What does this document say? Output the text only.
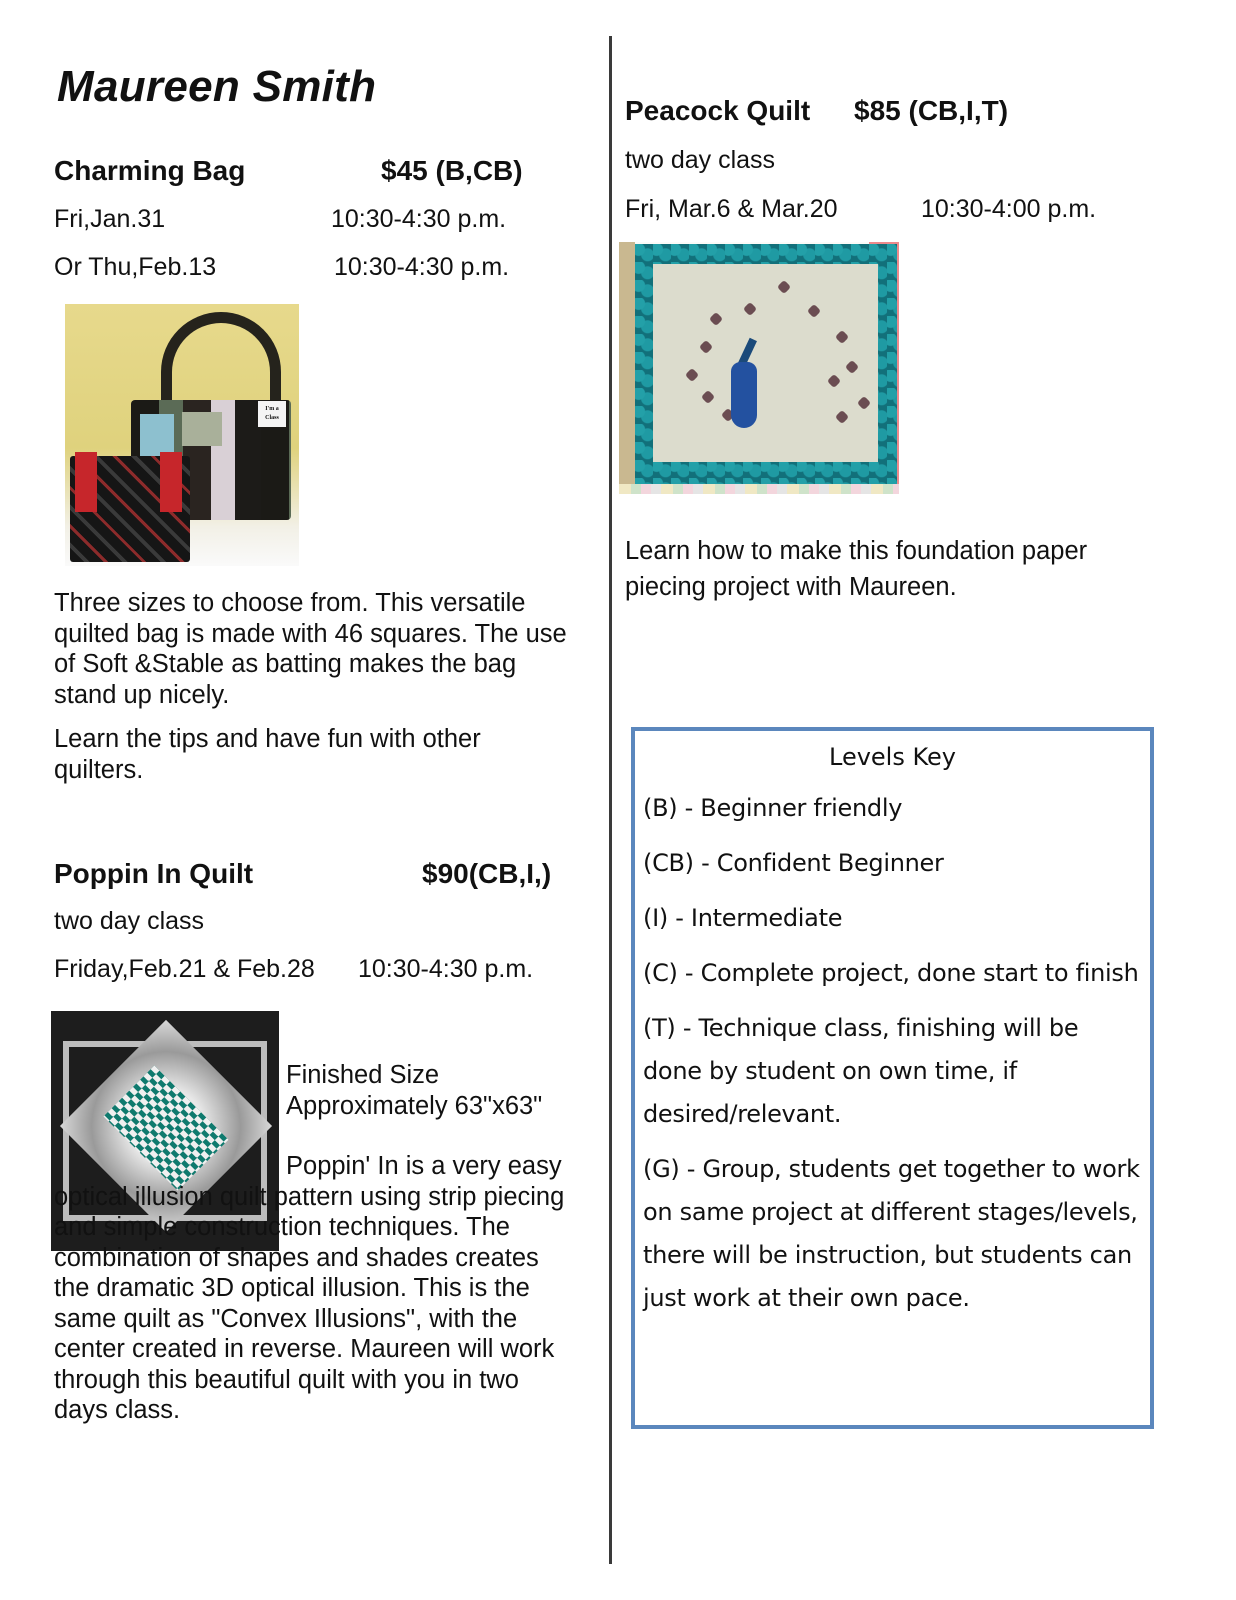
Maureen Smith
Charming Bag	$45 (B,CB)
Fri,Jan.31	10:30-4:30 p.m.
Or Thu,Feb.13	10:30-4:30 p.m.
I'm a Class
Three sizes to choose from. This versatile quilted bag is made with 46 squares. The use of Soft &Stable as batting makes the bag stand up nicely.
Learn the tips and have fun with other quilters.
Poppin In Quilt	$90(CB,I,)
two day class
Friday,Feb.21 & Feb.28 10:30-4:30 p.m.
Finished Size Approximately 63"x63"
Poppin' In is a very easy optical illusion quilt pattern using strip piecing and simple construction techniques. The combination of shapes and shades creates the dramatic 3D optical illusion. This is the same quilt as "Convex Illusions", with the center created in reverse. Maureen will work through this beautiful quilt with you in two days class.
Peacock Quilt $85 (CB,I,T)
two day class
Fri, Mar.6 & Mar.20	10:30-4:00 p.m.
Learn how to make this foundation paper piecing project with Maureen.
Levels Key
(B) - Beginner friendly
(CB) - Confident Beginner
(I) - Intermediate
(C) - Complete project, done start to finish
(T) - Technique class, finishing will be done by student on own time, if desired/relevant.
(G) - Group, students get together to work on same project at different stages/levels, there will be instruction, but students can just work at their own pace.
